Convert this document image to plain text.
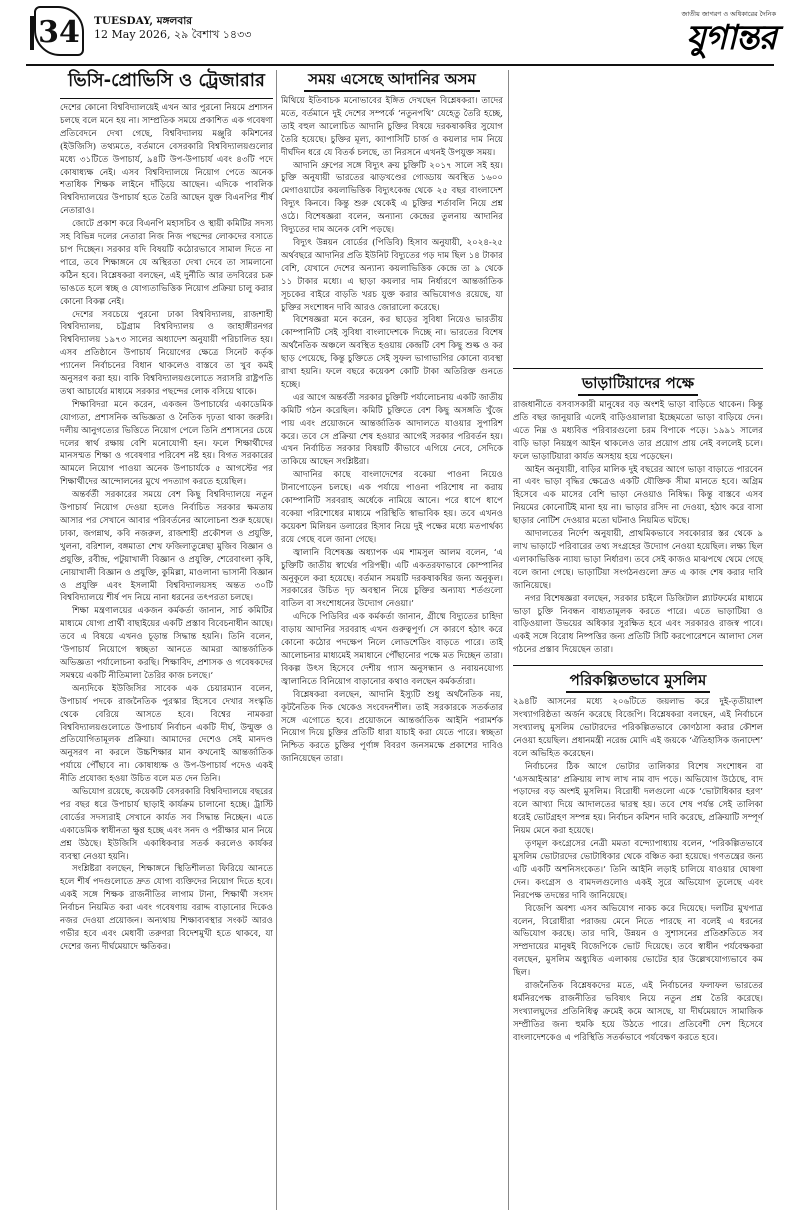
34	TUESDAY, মঙ্গলবার
12 May 2026, ২৯ বৈশাখ ১৪৩৩
জাতীয় জাগরণ ও অধিকারের দৈনিক
যুগান্তর
ভিসি-প্রোভিসি ও ট্রেজারার

দেশের কোনো বিশ্ববিদ্যালয়েই এখন আর পুরনো নিয়মে প্রশাসন চলছে বলে মনে হয় না। সাম্প্রতিক সময়ে প্রকাশিত এক গবেষণা প্রতিবেদনে দেখা গেছে, বিশ্ববিদ্যালয় মঞ্জুরি কমিশনের (ইউজিসি) তথ্যমতে, বর্তমানে বেসরকারি বিশ্ববিদ্যালয়গুলোর মধ্যে ৩১টিতে উপাচার্য, ৯৪টি উপ-উপাচার্য এবং ৪৩টি পদে কোষাধ্যক্ষ নেই। এসব বিশ্ববিদ্যালয়ে নিয়োগ পেতে অনেক শতাধিক শিক্ষক লাইনে দাঁড়িয়ে আছেন। এদিকে পাবলিক বিশ্ববিদ্যালয়ের উপাচার্য হতে তৈরি আছেন যুক্ত বিএনপির শীর্ষ নেতারাও।

জোটে প্রকাশ করে বিএনপি মহাসচিব ও স্থায়ী কমিটির সদস্য সহ বিভিন্ন দলের নেতারা নিজ নিজ পছন্দের লোকদের বসাতে চাপ দিচ্ছেন। সরকার যদি বিষয়টি কঠোরভাবে সামাল দিতে না পারে, তবে শিক্ষাঙ্গনে যে অস্থিরতা দেখা দেবে তা সামলানো কঠিন হবে। বিশ্লেষকরা বলছেন, এই দুর্নীতি আর তদবিরের চক্র ভাঙতে হলে স্বচ্ছ ও যোগ্যতাভিত্তিক নিয়োগ প্রক্রিয়া চালু করার কোনো বিকল্প নেই।

দেশের সবচেয়ে পুরনো ঢাকা বিশ্ববিদ্যালয়, রাজশাহী বিশ্ববিদ্যালয়, চট্টগ্রাম বিশ্ববিদ্যালয় ও জাহাঙ্গীরনগর বিশ্ববিদ্যালয় ১৯৭৩ সালের অধ্যাদেশ অনুযায়ী পরিচালিত হয়। এসব প্রতিষ্ঠানে উপাচার্য নিয়োগের ক্ষেত্রে সিনেট কর্তৃক প্যানেল নির্বাচনের বিধান থাকলেও বাস্তবে তা খুব কমই অনুসরণ করা হয়। বাকি বিশ্ববিদ্যালয়গুলোতে সরাসরি রাষ্ট্রপতি তথা আচার্যের মাধ্যমে সরকার পছন্দের লোক বসিয়ে থাকে।

শিক্ষাবিদরা মনে করেন, একজন উপাচার্যের একাডেমিক যোগ্যতা, প্রশাসনিক অভিজ্ঞতা ও নৈতিক দৃঢ়তা থাকা জরুরি। দলীয় আনুগত্যের ভিত্তিতে নিয়োগ পেলে তিনি প্রশাসনের চেয়ে দলের স্বার্থ রক্ষায় বেশি মনোযোগী হন। ফলে শিক্ষার্থীদের মানসম্মত শিক্ষা ও গবেষণার পরিবেশ নষ্ট হয়। বিগত সরকারের আমলে নিয়োগ পাওয়া অনেক উপাচার্যকে ৫ আগস্টের পর শিক্ষার্থীদের আন্দোলনের মুখে পদত্যাগ করতে হয়েছিল।

অন্তর্বর্তী সরকারের সময়ে বেশ কিছু বিশ্ববিদ্যালয়ে নতুন উপাচার্য নিয়োগ দেওয়া হলেও নির্বাচিত সরকার ক্ষমতায় আসার পর সেখানে আবার পরিবর্তনের আলোচনা শুরু হয়েছে। ঢাকা, জগন্নাথ, কবি নজরুল, রাজশাহী প্রকৌশল ও প্রযুক্তি, খুলনা, বরিশাল, বঙ্গমাতা শেখ ফজিলাতুন্নেছা মুজিব বিজ্ঞান ও প্রযুক্তি, রবীন্দ্র, পটুয়াখালী বিজ্ঞান ও প্রযুক্তি, শেরেবাংলা কৃষি, নোয়াখালী বিজ্ঞান ও প্রযুক্তি, কুমিল্লা, মাওলানা ভাসানী বিজ্ঞান ও প্রযুক্তি এবং ইসলামী বিশ্ববিদ্যালয়সহ অন্তত ৩০টি বিশ্ববিদ্যালয়ে শীর্ষ পদ নিয়ে নানা ধরনের তৎপরতা চলছে।

শিক্ষা মন্ত্রণালয়ের একজন কর্মকর্তা জানান, সার্চ কমিটির মাধ্যমে যোগ্য প্রার্থী বাছাইয়ের একটি প্রস্তাব বিবেচনাধীন আছে। তবে এ বিষয়ে এখনও চূড়ান্ত সিদ্ধান্ত হয়নি। তিনি বলেন, ‘উপাচার্য নিয়োগে স্বচ্ছতা আনতে আমরা আন্তর্জাতিক অভিজ্ঞতা পর্যালোচনা করছি। শিক্ষাবিদ, প্রশাসক ও গবেষকদের সমন্বয়ে একটি নীতিমালা তৈরির কাজ চলছে।’

অন্যদিকে ইউজিসির সাবেক এক চেয়ারম্যান বলেন, উপাচার্য পদকে রাজনৈতিক পুরস্কার হিসেবে দেখার সংস্কৃতি থেকে বেরিয়ে আসতে হবে। বিশ্বের নামকরা বিশ্ববিদ্যালয়গুলোতে উপাচার্য নির্বাচন একটি দীর্ঘ, উন্মুক্ত ও প্রতিযোগিতামূলক প্রক্রিয়া। আমাদের দেশেও সেই মানদণ্ড অনুসরণ না করলে উচ্চশিক্ষার মান কখনোই আন্তর্জাতিক পর্যায়ে পৌঁছাবে না। কোষাধ্যক্ষ ও উপ-উপাচার্য পদেও একই নীতি প্রযোজ্য হওয়া উচিত বলে মত দেন তিনি।

অভিযোগ রয়েছে, কয়েকটি বেসরকারি বিশ্ববিদ্যালয়ে বছরের পর বছর ধরে উপাচার্য ছাড়াই কার্যক্রম চালানো হচ্ছে। ট্রাস্টি বোর্ডের সদস্যরাই সেখানে কার্যত সব সিদ্ধান্ত নিচ্ছেন। এতে একাডেমিক স্বাধীনতা ক্ষুণ্ণ হচ্ছে এবং সনদ ও পরীক্ষার মান নিয়ে প্রশ্ন উঠছে। ইউজিসি একাধিকবার সতর্ক করলেও কার্যকর ব্যবস্থা নেওয়া হয়নি।

সংশ্লিষ্টরা বলছেন, শিক্ষাঙ্গনে স্থিতিশীলতা ফিরিয়ে আনতে হলে শীর্ষ পদগুলোতে দ্রুত যোগ্য ব্যক্তিদের নিয়োগ দিতে হবে। একই সঙ্গে শিক্ষক রাজনীতির লাগাম টানা, শিক্ষার্থী সংসদ নির্বাচন নিয়মিত করা এবং গবেষণায় বরাদ্দ বাড়ানোর দিকেও নজর দেওয়া প্রয়োজন। অন্যথায় শিক্ষাব্যবস্থার সংকট আরও গভীর হবে এবং মেধাবী তরুণরা বিদেশমুখী হতে থাকবে, যা দেশের জন্য দীর্ঘমেয়াদে ক্ষতিকর।

সময় এসেছে আদানির অসম

মিথিয়ে ইতিবাচক মনোভাবের ইঙ্গিত দেখছেন বিশ্লেষকরা। তাদের মতে, বর্তমানে দুই দেশের সম্পর্কে ‘নতুনপথি’ যেহেতু তৈরি হচ্ছে, তাই বহুল আলোচিত আদানি চুক্তির বিষয়ে দরকষাকষির সুযোগ তৈরি হয়েছে। চুক্তির মূল্য, ক্যাপাসিটি চার্জ ও কয়লার দাম নিয়ে দীর্ঘদিন ধরে যে বিতর্ক চলছে, তা নিরসনে এখনই উপযুক্ত সময়।

আদানি গ্রুপের সঙ্গে বিদ্যুৎ ক্রয় চুক্তিটি ২০১৭ সালে সই হয়। চুক্তি অনুযায়ী ভারতের ঝাড়খণ্ডের গোড্ডায় অবস্থিত ১৬০০ মেগাওয়াটের কয়লাভিত্তিক বিদ্যুৎকেন্দ্র থেকে ২৫ বছর বাংলাদেশ বিদ্যুৎ কিনবে। কিন্তু শুরু থেকেই এ চুক্তির শর্তাবলি নিয়ে প্রশ্ন ওঠে। বিশেষজ্ঞরা বলেন, অন্যান্য কেন্দ্রের তুলনায় আদানির বিদ্যুতের দাম অনেক বেশি পড়ছে।

বিদ্যুৎ উন্নয়ন বোর্ডের (পিডিবি) হিসাব অনুযায়ী, ২০২৪-২৫ অর্থবছরে আদানির প্রতি ইউনিট বিদ্যুতের গড় দাম ছিল ১৪ টাকার বেশি, যেখানে দেশের অন্যান্য কয়লাভিত্তিক কেন্দ্রে তা ৯ থেকে ১১ টাকার মধ্যে। এ ছাড়া কয়লার দাম নির্ধারণে আন্তর্জাতিক সূচকের বাইরে বাড়তি খরচ যুক্ত করার অভিযোগও রয়েছে, যা চুক্তির সংশোধন দাবি আরও জোরালো করেছে।

বিশেষজ্ঞরা মনে করেন, কর ছাড়ের সুবিধা নিয়েও ভারতীয় কোম্পানিটি সেই সুবিধা বাংলাদেশকে দিচ্ছে না। ভারতের বিশেষ অর্থনৈতিক অঞ্চলে অবস্থিত হওয়ায় কেন্দ্রটি বেশ কিছু শুল্ক ও কর ছাড় পেয়েছে, কিন্তু চুক্তিতে সেই সুফল ভাগাভাগির কোনো ব্যবস্থা রাখা হয়নি। ফলে বছরে কয়েকশ কোটি টাকা অতিরিক্ত গুনতে হচ্ছে।

এর আগে অন্তর্বর্তী সরকার চুক্তিটি পর্যালোচনায় একটি জাতীয় কমিটি গঠন করেছিল। কমিটি চুক্তিতে বেশ কিছু অসঙ্গতি খুঁজে পায় এবং প্রয়োজনে আন্তর্জাতিক আদালতে যাওয়ার সুপারিশ করে। তবে সে প্রক্রিয়া শেষ হওয়ার আগেই সরকার পরিবর্তন হয়। এখন নির্বাচিত সরকার বিষয়টি কীভাবে এগিয়ে নেবে, সেদিকে তাকিয়ে আছেন সংশ্লিষ্টরা।

আদানির কাছে বাংলাদেশের বকেয়া পাওনা নিয়েও টানাপোড়েন চলছে। এক পর্যায়ে পাওনা পরিশোধ না করায় কোম্পানিটি সরবরাহ অর্ধেকে নামিয়ে আনে। পরে ধাপে ধাপে বকেয়া পরিশোধের মাধ্যমে পরিস্থিতি স্বাভাবিক হয়। তবে এখনও কয়েকশ মিলিয়ন ডলারের হিসাব নিয়ে দুই পক্ষের মধ্যে মতপার্থক্য রয়ে গেছে বলে জানা গেছে।

জ্বালানি বিশেষজ্ঞ অধ্যাপক এম শামসুল আলম বলেন, ‘এ চুক্তিটি জাতীয় স্বার্থের পরিপন্থী। এটি একতরফাভাবে কোম্পানির অনুকূলে করা হয়েছে। বর্তমান সময়টি দরকষাকষির জন্য অনুকূল। সরকারের উচিত দৃঢ় অবস্থান নিয়ে চুক্তির অন্যায্য শর্তগুলো বাতিল বা সংশোধনের উদ্যোগ নেওয়া।’

এদিকে পিডিবির এক কর্মকর্তা জানান, গ্রীষ্মে বিদ্যুতের চাহিদা বাড়ায় আদানির সরবরাহ এখন গুরুত্বপূর্ণ। সে কারণে হঠাৎ করে কোনো কঠোর পদক্ষেপ নিলে লোডশেডিং বাড়তে পারে। তাই আলোচনার মাধ্যমেই সমাধানে পৌঁছানোর পক্ষে মত দিচ্ছেন তারা। বিকল্প উৎস হিসেবে দেশীয় গ্যাস অনুসন্ধান ও নবায়নযোগ্য জ্বালানিতে বিনিয়োগ বাড়ানোর কথাও বলছেন কর্মকর্তারা।

বিশ্লেষকরা বলছেন, আদানি ইস্যুটি শুধু অর্থনৈতিক নয়, কূটনৈতিক দিক থেকেও সংবেদনশীল। তাই সরকারকে সতর্কতার সঙ্গে এগোতে হবে। প্রয়োজনে আন্তর্জাতিক আইনি পরামর্শক নিয়োগ দিয়ে চুক্তির প্রতিটি ধারা যাচাই করা যেতে পারে। স্বচ্ছতা নিশ্চিত করতে চুক্তির পূর্ণাঙ্গ বিবরণ জনসমক্ষে প্রকাশের দাবিও জানিয়েছেন তারা।

ভাড়াটিয়াদের পক্ষে

রাজধানীতে বসবাসকারী মানুষের বড় অংশই ভাড়া বাড়িতে থাকেন। কিন্তু প্রতি বছর জানুয়ারি এলেই বাড়িওয়ালারা ইচ্ছেমতো ভাড়া বাড়িয়ে দেন। এতে নিম্ন ও মধ্যবিত্ত পরিবারগুলো চরম বিপাকে পড়ে। ১৯৯১ সালের বাড়ি ভাড়া নিয়ন্ত্রণ আইন থাকলেও তার প্রয়োগ প্রায় নেই বললেই চলে। ফলে ভাড়াটিয়ারা কার্যত অসহায় হয়ে পড়েছেন।

আইন অনুযায়ী, বাড়ির মালিক দুই বছরের আগে ভাড়া বাড়াতে পারবেন না এবং ভাড়া বৃদ্ধির ক্ষেত্রেও একটি যৌক্তিক সীমা মানতে হবে। অগ্রিম হিসেবে এক মাসের বেশি ভাড়া নেওয়াও নিষিদ্ধ। কিন্তু বাস্তবে এসব নিয়মের কোনোটিই মানা হয় না। ভাড়ার রসিদ না দেওয়া, হঠাৎ করে বাসা ছাড়ার নোটিশ দেওয়ার মতো ঘটনাও নিয়মিত ঘটছে।

আদালতের নির্দেশ অনুযায়ী, প্রাথমিকভাবে সবকোরার স্তর থেকে ৯ লাখ ভাড়াটে পরিবারের তথ্য সংগ্রহের উদ্যোগ নেওয়া হয়েছিল। লক্ষ্য ছিল এলাকাভিত্তিক ন্যায্য ভাড়া নির্ধারণ। তবে সেই কাজও মাঝপথে থেমে গেছে বলে জানা গেছে। ভাড়াটিয়া সংগঠনগুলো দ্রুত এ কাজ শেষ করার দাবি জানিয়েছে।

নগর বিশেষজ্ঞরা বলছেন, সরকার চাইলে ডিজিটাল প্ল্যাটফর্মের মাধ্যমে ভাড়া চুক্তি নিবন্ধন বাধ্যতামূলক করতে পারে। এতে ভাড়াটিয়া ও বাড়িওয়ালা উভয়ের অধিকার সুরক্ষিত হবে এবং সরকারও রাজস্ব পাবে। একই সঙ্গে বিরোধ নিষ্পত্তির জন্য প্রতিটি সিটি করপোরেশনে আলাদা সেল গঠনের প্রস্তাব দিয়েছেন তারা।

পরিকল্পিতভাবে মুসলিম

২৯৪টি আসনের মধ্যে ২০৬টিতে জয়লাভ করে দুই-তৃতীয়াংশ সংখ্যাগরিষ্ঠতা অর্জন করেছে বিজেপি। বিশ্লেষকরা বলছেন, এই নির্বাচনে সংখ্যালঘু মুসলিম ভোটারদের পরিকল্পিতভাবে কোণঠাসা করার কৌশল নেওয়া হয়েছিল। প্রধানমন্ত্রী নরেন্দ্র মোদি এই জয়কে ‘ঐতিহাসিক জনাদেশ’ বলে অভিহিত করেছেন।

নির্বাচনের ঠিক আগে ভোটার তালিকার বিশেষ সংশোধন বা ‘এসআইআর’ প্রক্রিয়ায় লাখ লাখ নাম বাদ পড়ে। অভিযোগ উঠেছে, বাদ পড়াদের বড় অংশই মুসলিম। বিরোধী দলগুলো একে ‘ভোটাধিকার হরণ’ বলে আখ্যা দিয়ে আদালতের দ্বারস্থ হয়। তবে শেষ পর্যন্ত সেই তালিকা ধরেই ভোটগ্রহণ সম্পন্ন হয়। নির্বাচন কমিশন দাবি করেছে, প্রক্রিয়াটি সম্পূর্ণ নিয়ম মেনে করা হয়েছে।

তৃণমূল কংগ্রেসের নেত্রী মমতা বন্দ্যোপাধ্যায় বলেন, ‘পরিকল্পিতভাবে মুসলিম ভোটারদের ভোটাধিকার থেকে বঞ্চিত করা হয়েছে। গণতন্ত্রের জন্য এটি একটি অশনিসংকেত।’ তিনি আইনি লড়াই চালিয়ে যাওয়ার ঘোষণা দেন। কংগ্রেস ও বামদলগুলোও একই সুরে অভিযোগ তুলেছে এবং নিরপেক্ষ তদন্তের দাবি জানিয়েছে।

বিজেপি অবশ্য এসব অভিযোগ নাকচ করে দিয়েছে। দলটির মুখপাত্র বলেন, বিরোধীরা পরাজয় মেনে নিতে পারছে না বলেই এ ধরনের অভিযোগ করছে। তার দাবি, উন্নয়ন ও সুশাসনের প্রতিশ্রুতিতে সব সম্প্রদায়ের মানুষই বিজেপিকে ভোট দিয়েছে। তবে স্বাধীন পর্যবেক্ষকরা বলছেন, মুসলিম অধ্যুষিত এলাকায় ভোটের হার উল্লেখযোগ্যভাবে কম ছিল।

রাজনৈতিক বিশ্লেষকদের মতে, এই নির্বাচনের ফলাফল ভারতের ধর্মনিরপেক্ষ রাজনীতির ভবিষ্যৎ নিয়ে নতুন প্রশ্ন তৈরি করেছে। সংখ্যালঘুদের প্রতিনিধিত্ব ক্রমেই কমে আসছে, যা দীর্ঘমেয়াদে সামাজিক সম্প্রীতির জন্য হুমকি হয়ে উঠতে পারে। প্রতিবেশী দেশ হিসেবে বাংলাদেশকেও এ পরিস্থিতি সতর্কভাবে পর্যবেক্ষণ করতে হবে।
